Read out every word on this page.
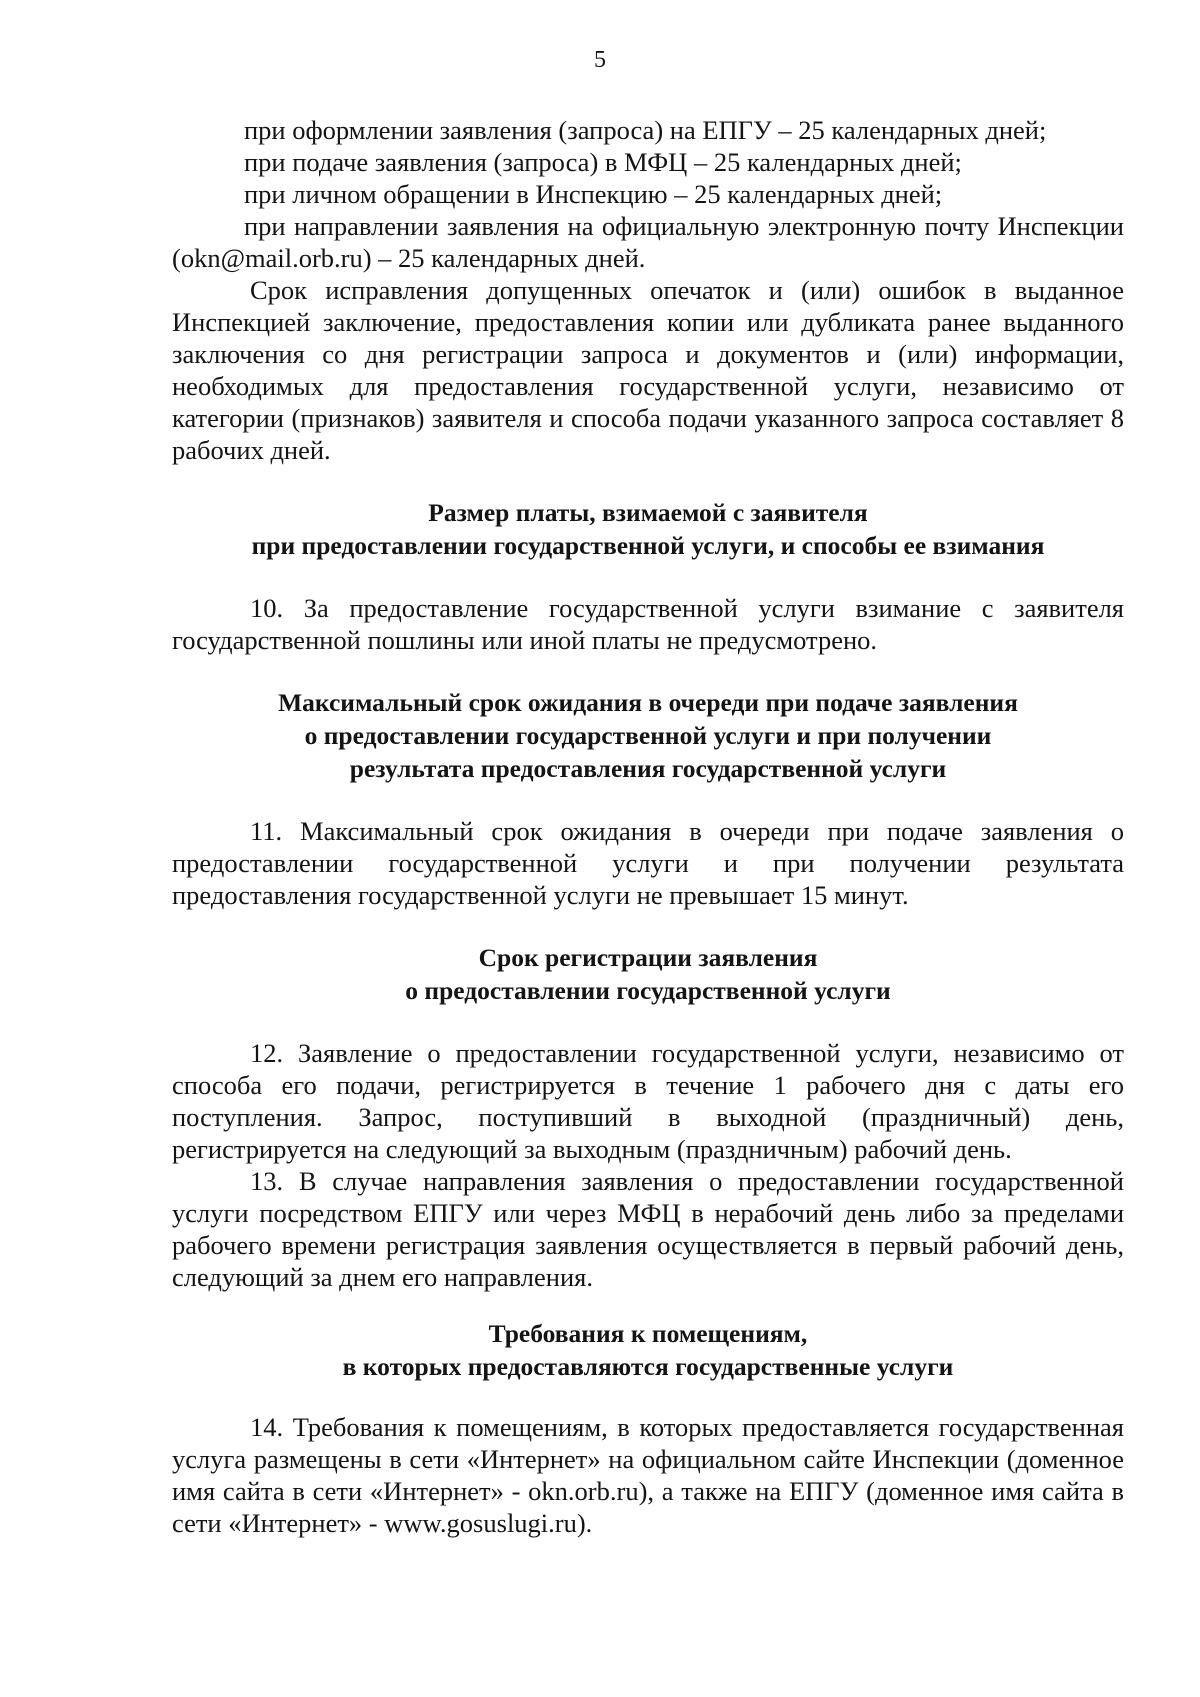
5

при оформлении заявления (запроса) на ЕПГУ – 25 календарных дней;

при подаче заявления (запроса) в МФЦ – 25 календарных дней;

при личном обращении в Инспекцию – 25 календарных дней;

при направлении заявления на официальную электронную почту Инспекции (okn@mail.orb.ru) – 25 календарных дней.

Срок исправления допущенных опечаток и (или) ошибок в выданное Инспекцией заключение, предоставления копии или дубликата ранее выданного заключения со дня регистрации запроса и документов и (или) информации, необходимых для предоставления государственной услуги, независимо от категории (признаков) заявителя и способа подачи указанного запроса составляет 8 рабочих дней.

Размер платы, взимаемой с заявителя
при предоставлении государственной услуги, и способы ее взимания

10. За предоставление государственной услуги взимание с заявителя государственной пошлины или иной платы не предусмотрено.

Максимальный срок ожидания в очереди при подаче заявления
о предоставлении государственной услуги и при получении
результата предоставления государственной услуги

11. Максимальный срок ожидания в очереди при подаче заявления о предоставлении государственной услуги и при получении результата предоставления государственной услуги не превышает 15 минут.

Срок регистрации заявления
о предоставлении государственной услуги

12. Заявление о предоставлении государственной услуги, независимо от способа его подачи, регистрируется в течение 1 рабочего дня с даты его поступления. Запрос, поступивший в выходной (праздничный) день, регистрируется на следующий за выходным (праздничным) рабочий день.

13. В случае направления заявления о предоставлении государственной услуги посредством ЕПГУ или через МФЦ в нерабочий день либо за пределами рабочего времени регистрация заявления осуществляется в первый рабочий день, следующий за днем его направления.

Требования к помещениям,
в которых предоставляются государственные услуги

14. Требования к помещениям, в которых предоставляется государственная услуга размещены в сети «Интернет» на официальном сайте Инспекции (доменное имя сайта в сети «Интернет» - okn.orb.ru), а также на ЕПГУ (доменное имя сайта в сети «Интернет» - www.gosuslugi.ru).
